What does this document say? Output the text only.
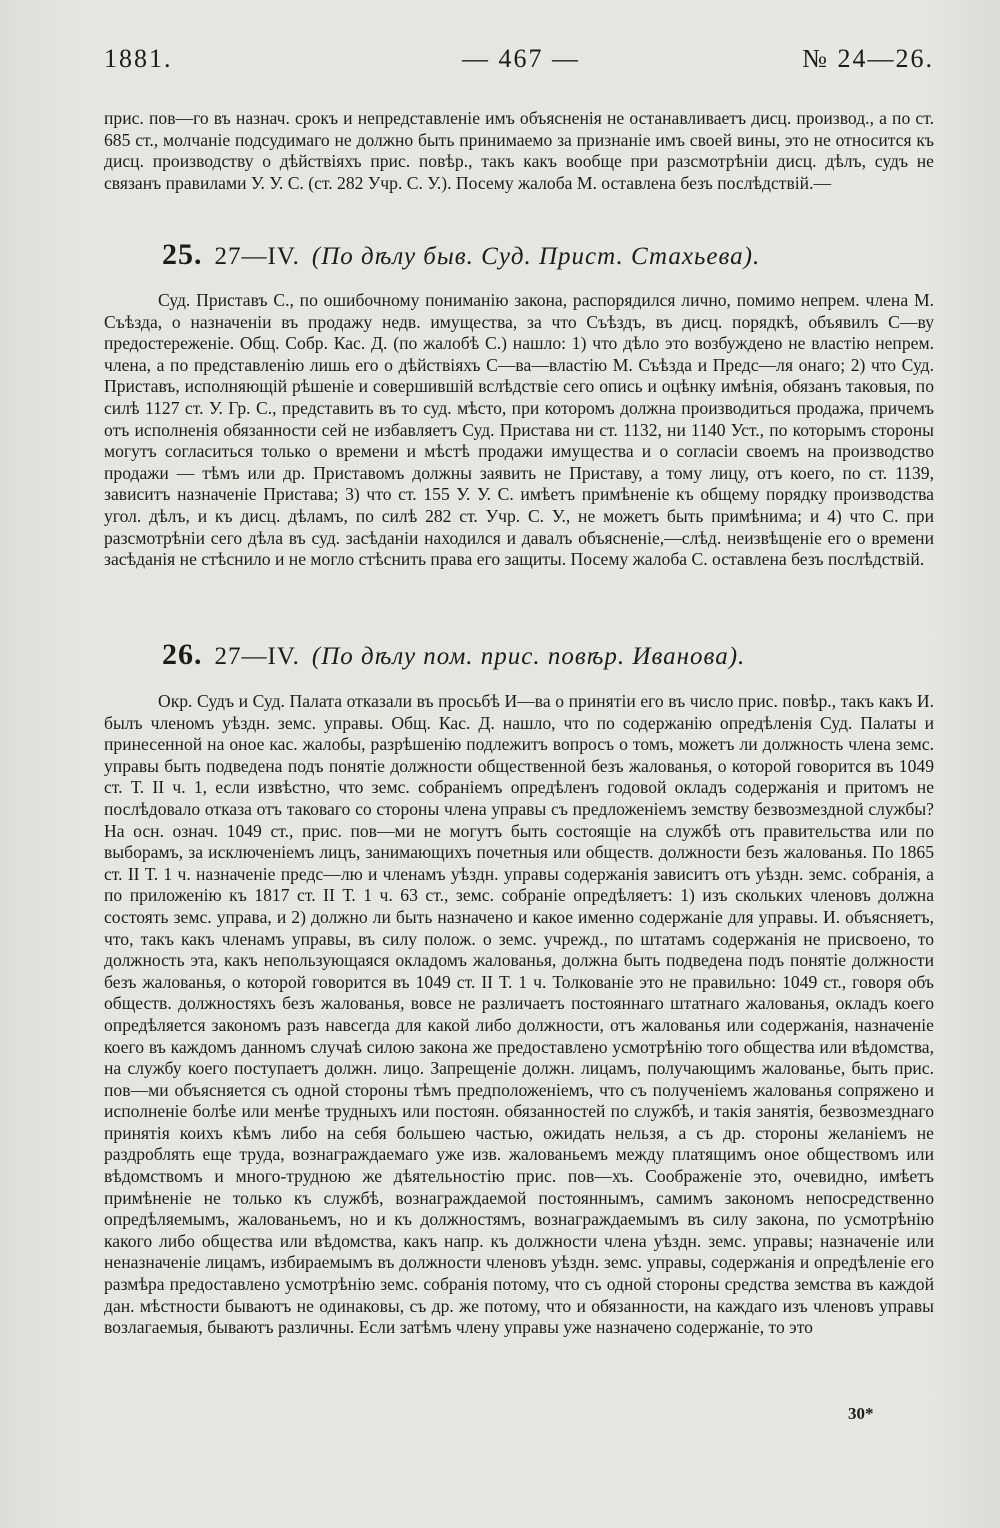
1881.	— 467 —	№ 24—26.

прис. пов—го въ назнач. срокъ и непредставленіе имъ объясненія не останавливаетъ дисц. производ., а по ст. 685 ст., молчаніе подсудимаго не должно быть принимаемо за признаніе имъ своей вины, это не относится къ дисц. производству о дѣйствіяхъ прис. повѣр., такъ какъ вообще при разсмотрѣніи дисц. дѣлъ, судъ не связанъ правилами У. У. С. (ст. 282 Учр. С. У.). Посему жалоба М. оставлена безъ послѣдствій.—

25. 27—IV. (По дѣлу быв. Суд. Прист. Стахьева).

Суд. Приставъ С., по ошибочному пониманію закона, распорядился лично, помимо непрем. члена М. Съѣзда, о назначеніи въ продажу недв. имущества, за что Съѣздъ, въ дисц. порядкѣ, объявилъ С—ву предостереженіе. Общ. Собр. Кас. Д. (по жалобѣ С.) нашло: 1) что дѣло это возбуждено не властію непрем. члена, а по представленію лишь его о дѣйствіяхъ С—ва—властію М. Съѣзда и Предс—ля онаго; 2) что Суд. Приставъ, исполняющій рѣшеніе и совершившій вслѣдствіе сего опись и оцѣнку имѣнія, обязанъ таковыя, по силѣ 1127 ст. У. Гр. С., представить въ то суд. мѣсто, при которомъ должна производиться продажа, причемъ отъ исполненія обязанности сей не избавляетъ Суд. Пристава ни ст. 1132, ни 1140 Уст., по которымъ стороны могутъ согласиться только о времени и мѣстѣ продажи имущества и о согласіи своемъ на производство продажи — тѣмъ или др. Приставомъ должны заявить не Приставу, а тому лицу, отъ коего, по ст. 1139, зависитъ назначеніе Пристава; 3) что ст. 155 У. У. С. имѣетъ примѣненіе къ общему порядку производства угол. дѣлъ, и къ дисц. дѣламъ, по силѣ 282 ст. Учр. С. У., не можетъ быть примѣнима; и 4) что С. при разсмотрѣніи сего дѣла въ суд. засѣданіи находился и давалъ объясненіе,—слѣд. неизвѣщеніе его о времени засѣданія не стѣснило и не могло стѣснить права его защиты. Посему жалоба С. оставлена безъ послѣдствій.

26. 27—IV. (По дѣлу пом. прис. повѣр. Иванова).

Окр. Судъ и Суд. Палата отказали въ просьбѣ И—ва о принятіи его въ число прис. повѣр., такъ какъ И. былъ членомъ уѣздн. земс. управы. Общ. Кас. Д. нашло, что по содержанію опредѣленія Суд. Палаты и принесенной на оное кас. жалобы, разрѣшенію подлежитъ вопросъ о томъ, можетъ ли должность члена земс. управы быть подведена подъ понятіе должности общественной безъ жалованья, о которой говорится въ 1049 ст. Т. II ч. 1, если извѣстно, что земс. собраніемъ опредѣленъ годовой окладъ содержанія и притомъ не послѣдовало отказа отъ таковаго со стороны члена управы съ предложеніемъ земству безвозмездной службы? На осн. означ. 1049 ст., прис. пов—ми не могутъ быть состоящіе на службѣ отъ правительства или по выборамъ, за исключеніемъ лицъ, занимающихъ почетныя или обществ. должности безъ жалованья. По 1865 ст. II Т. 1 ч. назначеніе предс—лю и членамъ уѣздн. управы содержанія зависитъ отъ уѣздн. земс. собранія, а по приложенію къ 1817 ст. II Т. 1 ч. 63 ст., земс. собраніе опредѣляетъ: 1) изъ скольких членовъ должна состоять земс. управа, и 2) должно ли быть назначено и какое именно содержаніе для управы. И. объясняетъ, что, такъ какъ членамъ управы, въ силу полож. о земс. учрежд., по штатамъ содержанія не присвоено, то должность эта, какъ непользующаяся окладомъ жалованья, должна быть подведена подъ понятіе должности безъ жалованья, о которой говорится въ 1049 ст. II Т. 1 ч. Толкованіе это не правильно: 1049 ст., говоря объ обществ. должностяхъ безъ жалованья, вовсе не различаетъ постояннаго штатнаго жалованья, окладъ коего опредѣляется закономъ разъ навсегда для какой либо должности, отъ жалованья или содержанія, назначеніе коего въ каждомъ данномъ случаѣ силою закона же предоставлено усмотрѣнію того общества или вѣдомства, на службу коего поступаетъ должн. лицо. Запрещеніе должн. лицамъ, получающимъ жалованье, быть прис. пов—ми объясняется съ одной стороны тѣмъ предположеніемъ, что съ полученіемъ жалованья сопряжено и исполненіе болѣе или менѣе трудныхъ или постоян. обязанностей по службѣ, и такія занятія, безвозмезднаго принятія коихъ кѣмъ либо на себя большею частью, ожидать нельзя, а съ др. стороны желаніемъ не раздроблять еще труда, вознаграждаемаго уже изв. жалованьемъ между платящимъ оное обществомъ или вѣдомствомъ и много-трудною же дѣятельностію прис. пов—хъ. Соображеніе это, очевидно, имѣетъ примѣненіе не только къ службѣ, вознаграждаемой постояннымъ, самимъ закономъ непосредственно опредѣляемымъ, жалованьемъ, но и къ должностямъ, вознаграждаемымъ въ силу закона, по усмотрѣнію какого либо общества или вѣдомства, какъ напр. къ должности члена уѣздн. земс. управы; назначеніе или неназначеніе лицамъ, избираемымъ въ должности членовъ уѣздн. земс. управы, содержанія и опредѣленіе его размѣра предоставлено усмотрѣнію земс. собранія потому, что съ одной стороны средства земства въ каждой дан. мѣстности бываютъ не одинаковы, съ др. же потому, что и обязанности, на каждаго изъ членовъ управы возлагаемыя, бываютъ различны. Если затѣмъ члену управы уже назначено содержаніе, то это

30*
